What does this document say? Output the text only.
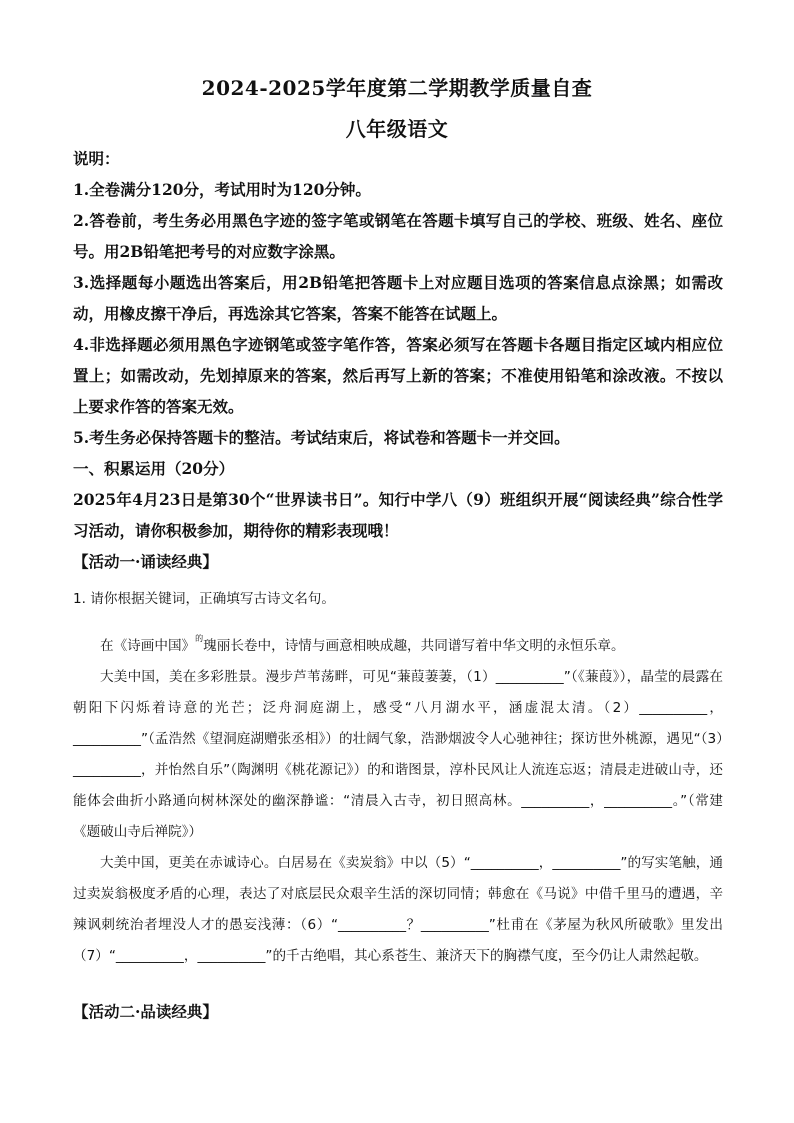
2024-2025学年度第二学期教学质量自查
八年级语文

说明：

1.全卷满分120分，考试用时为120分钟。

2.答卷前，考生务必用黑色字迹的签字笔或钢笔在答题卡填写自己的学校、班级、姓名、座位号。用2B铅笔把考号的对应数字涂黑。

3.选择题每小题选出答案后，用2B铅笔把答题卡上对应题目选项的答案信息点涂黑；如需改动，用橡皮擦干净后，再选涂其它答案，答案不能答在试题上。

4.非选择题必须用黑色字迹钢笔或签字笔作答，答案必须写在答题卡各题目指定区域内相应位置上；如需改动，先划掉原来的答案，然后再写上新的答案；不准使用铅笔和涂改液。不按以上要求作答的答案无效。

5.考生务必保持答题卡的整洁。考试结束后，将试卷和答题卡一并交回。

一、积累运用（20分）

2025年4月23日是第30个“世界读书日”。知行中学八（9）班组织开展“阅读经典”综合性学习活动，请你积极参加，期待你的精彩表现哦！

【活动一·诵读经典】

1. 请你根据关键词，正确填写古诗文名句。

在《诗画中国》$^的$瑰丽长卷中，诗情与画意相映成趣，共同谱写着中华文明的永恒乐章。

大美中国，美在多彩胜景。漫步芦苇荡畔，可见“蒹葭萋萋，（1）__________”（《蒹葭》），晶莹的晨露在朝阳下闪烁着诗意的光芒；泛舟洞庭湖上，感受“八月湖水平，涵虚混太清。（2）__________，__________”（孟浩然《望洞庭湖赠张丞相》）的壮阔气象，浩渺烟波令人心驰神往；探访世外桃源，遇见“（3）__________，并怡然自乐”（陶渊明《桃花源记》）的和谐图景，淳朴民风让人流连忘返；清晨走进破山寺，还能体会曲折小路通向树林深处的幽深静谧：“清晨入古寺，初日照高林。__________，__________。”（常建《题破山寺后禅院》）

大美中国，更美在赤诚诗心。白居易在《卖炭翁》中以（5）“__________，__________”的写实笔触，通过卖炭翁极度矛盾的心理，表达了对底层民众艰辛生活的深切同情；韩愈在《马说》中借千里马的遭遇，辛辣讽刺统治者埋没人才的愚妄浅薄：（6）“__________？__________”杜甫在《茅屋为秋风所破歌》里发出（7）“__________，__________”的千古绝唱，其心系苍生、兼济天下的胸襟气度，至今仍让人肃然起敬。

【活动二·品读经典】
